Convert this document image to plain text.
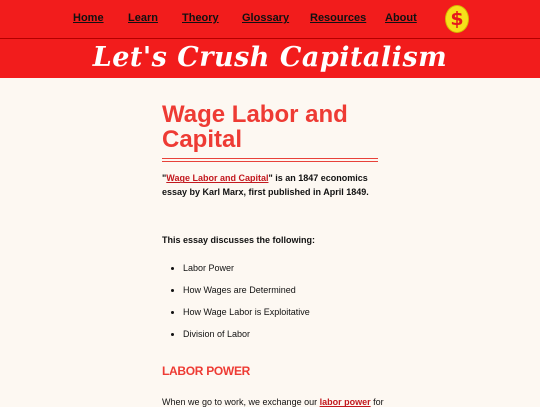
Home Learn Theory Glossary Resources About $
Let's Crush Capitalism
Wage Labor and Capital

"Wage Labor and Capital" is an 1847 economics essay by Karl Marx, first published in April 1849.

This essay discusses the following:

• Labor Power
• How Wages are Determined
• How Wage Labor is Exploitative
• Division of Labor
LABOR POWER

When we go to work, we exchange our labor power for
